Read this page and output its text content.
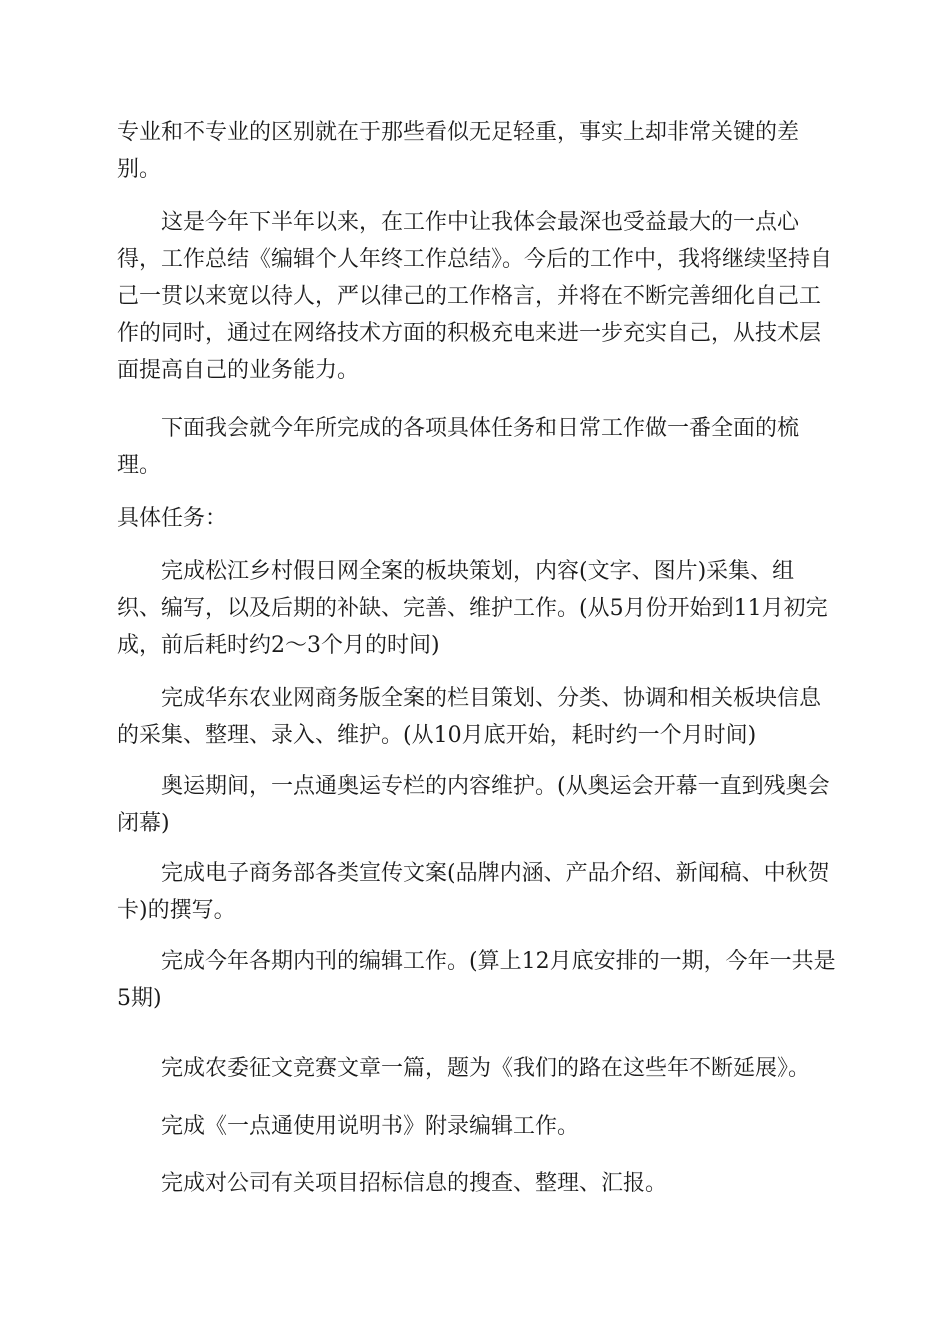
专业和不专业的区别就在于那些看似无足轻重，事实上却非常关键的差别。

这是今年下半年以来，在工作中让我体会最深也受益最大的一点心得，工作总结《编辑个人年终工作总结》。今后的工作中，我将继续坚持自己一贯以来宽以待人，严以律己的工作格言，并将在不断完善细化自己工作的同时，通过在网络技术方面的积极充电来进一步充实自己，从技术层面提高自己的业务能力。

下面我会就今年所完成的各项具体任务和日常工作做一番全面的梳理。

具体任务：

完成松江乡村假日网全案的板块策划，内容(文字、图片)采集、组织、编写，以及后期的补缺、完善、维护工作。(从5月份开始到11月初完成，前后耗时约2～3个月的时间)

完成华东农业网商务版全案的栏目策划、分类、协调和相关板块信息的采集、整理、录入、维护。(从10月底开始，耗时约一个月时间)

奥运期间，一点通奥运专栏的内容维护。(从奥运会开幕一直到残奥会闭幕)

完成电子商务部各类宣传文案(品牌内涵、产品介绍、新闻稿、中秋贺卡)的撰写。

完成今年各期内刊的编辑工作。(算上12月底安排的一期，今年一共是5期)

完成农委征文竞赛文章一篇，题为《我们的路在这些年不断延展》。

完成《一点通使用说明书》附录编辑工作。

完成对公司有关项目招标信息的搜查、整理、汇报。
